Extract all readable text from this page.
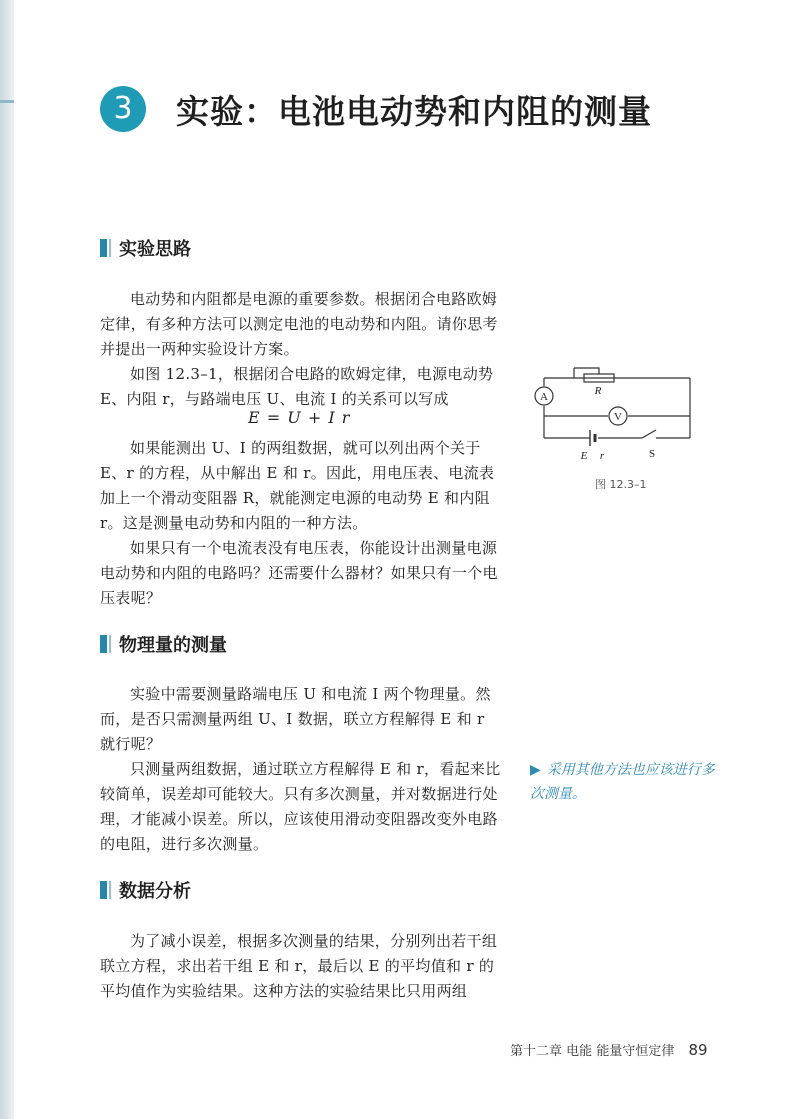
3	实验：电池电动势和内阻的测量
实验思路

电动势和内阻都是电源的重要参数。根据闭合电路欧姆定律，有多种方法可以测定电池的电动势和内阻。请你思考并提出一两种实验设计方案。

如图 12.3–1，根据闭合电路的欧姆定律，电源电动势 E、内阻 r，与路端电压 U、电流 I 的关系可以写成

E = U + I r

如果能测出 U、I 的两组数据，就可以列出两个关于 E、r 的方程，从中解出 E 和 r。因此，用电压表、电流表加上一个滑动变阻器 R，就能测定电源的电动势 E 和内阻 r。这是测量电动势和内阻的一种方法。

如果只有一个电流表没有电压表，你能设计出测量电源电动势和内阻的电路吗？还需要什么器材？如果只有一个电压表呢？

A
V
R
E r	S
图 12.3–1
物理量的测量

实验中需要测量路端电压 U 和电流 I 两个物理量。然而，是否只需测量两组 U、I 数据，联立方程解得 E 和 r 就行呢？

只测量两组数据，通过联立方程解得 E 和 r，看起来比较简单，误差却可能较大。只有多次测量，并对数据进行处理，才能减小误差。所以，应该使用滑动变阻器改变外电路的电阻，进行多次测量。

▶ 采用其他方法也应该进行多次测量。
数据分析

为了减小误差，根据多次测量的结果，分别列出若干组联立方程，求出若干组 E 和 r，最后以 E 的平均值和 r 的平均值作为实验结果。这种方法的实验结果比只用两组

第十二章 电能 能量守恒定律 89
